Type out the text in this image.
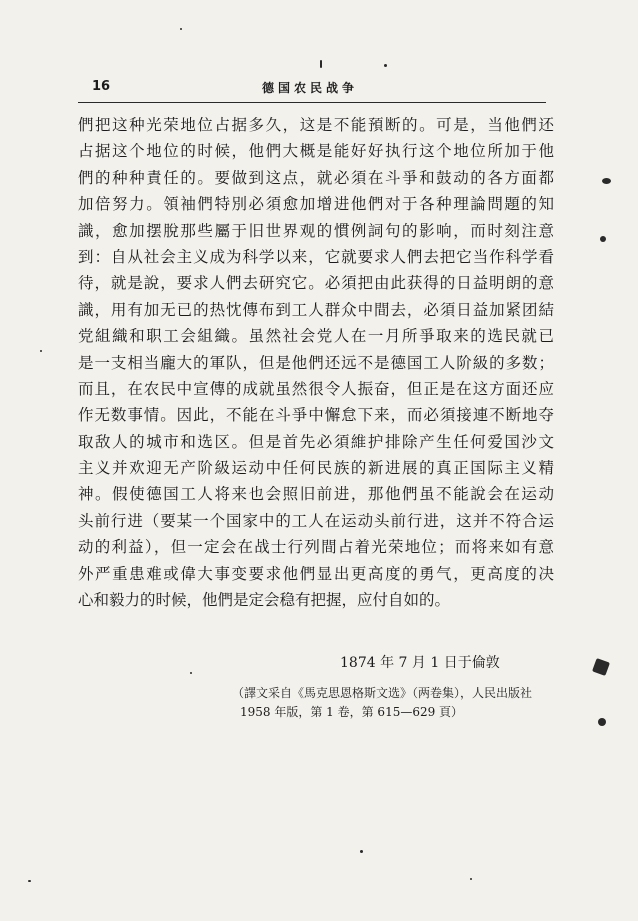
16	德国农民战争
們把这种光荣地位占据多久，这是不能預断的。可是，当他們还
占据这个地位的时候，他們大概是能好好执行这个地位所加于他
們的种种責任的。要做到这点，就必須在斗爭和鼓动的各方面都
加倍努力。領袖們特別必須愈加增进他們对于各种理論問題的知
識，愈加摆脫那些屬于旧世界观的慣例詞句的影响，而时刻注意
到：自从社会主义成为科学以来，它就要求人們去把它当作科学看
待，就是說，要求人們去研究它。必須把由此获得的日益明朗的意
識，用有加无已的热忱傳布到工人群众中間去，必須日益加紧团結
党組織和职工会組織。虽然社会党人在一月所爭取来的选民就已
是一支相当龐大的軍队，但是他們还远不是德国工人阶級的多数；
而且，在农民中宣傳的成就虽然很令人振奋，但正是在这方面还应
作无数事情。因此，不能在斗爭中懈怠下来，而必須接連不断地夺
取敌人的城市和选区。但是首先必須維护排除产生任何爱国沙文
主义并欢迎无产阶級运动中任何民族的新进展的真正国际主义精
神。假使德国工人将来也会照旧前进，那他們虽不能說会在运动
头前行进（要某一个国家中的工人在运动头前行进，这并不符合运
动的利益），但一定会在战士行列間占着光荣地位；而将来如有意
外严重患难或偉大事变要求他們显出更高度的勇气，更高度的决
心和毅力的时候，他們是定会稳有把握，应付自如的。
1874 年 7 月 1 日于倫敦
（譯文采自《馬克思恩格斯文选》（两卷集），人民出版社
1958 年版，第 1 卷，第 615—629 頁）
